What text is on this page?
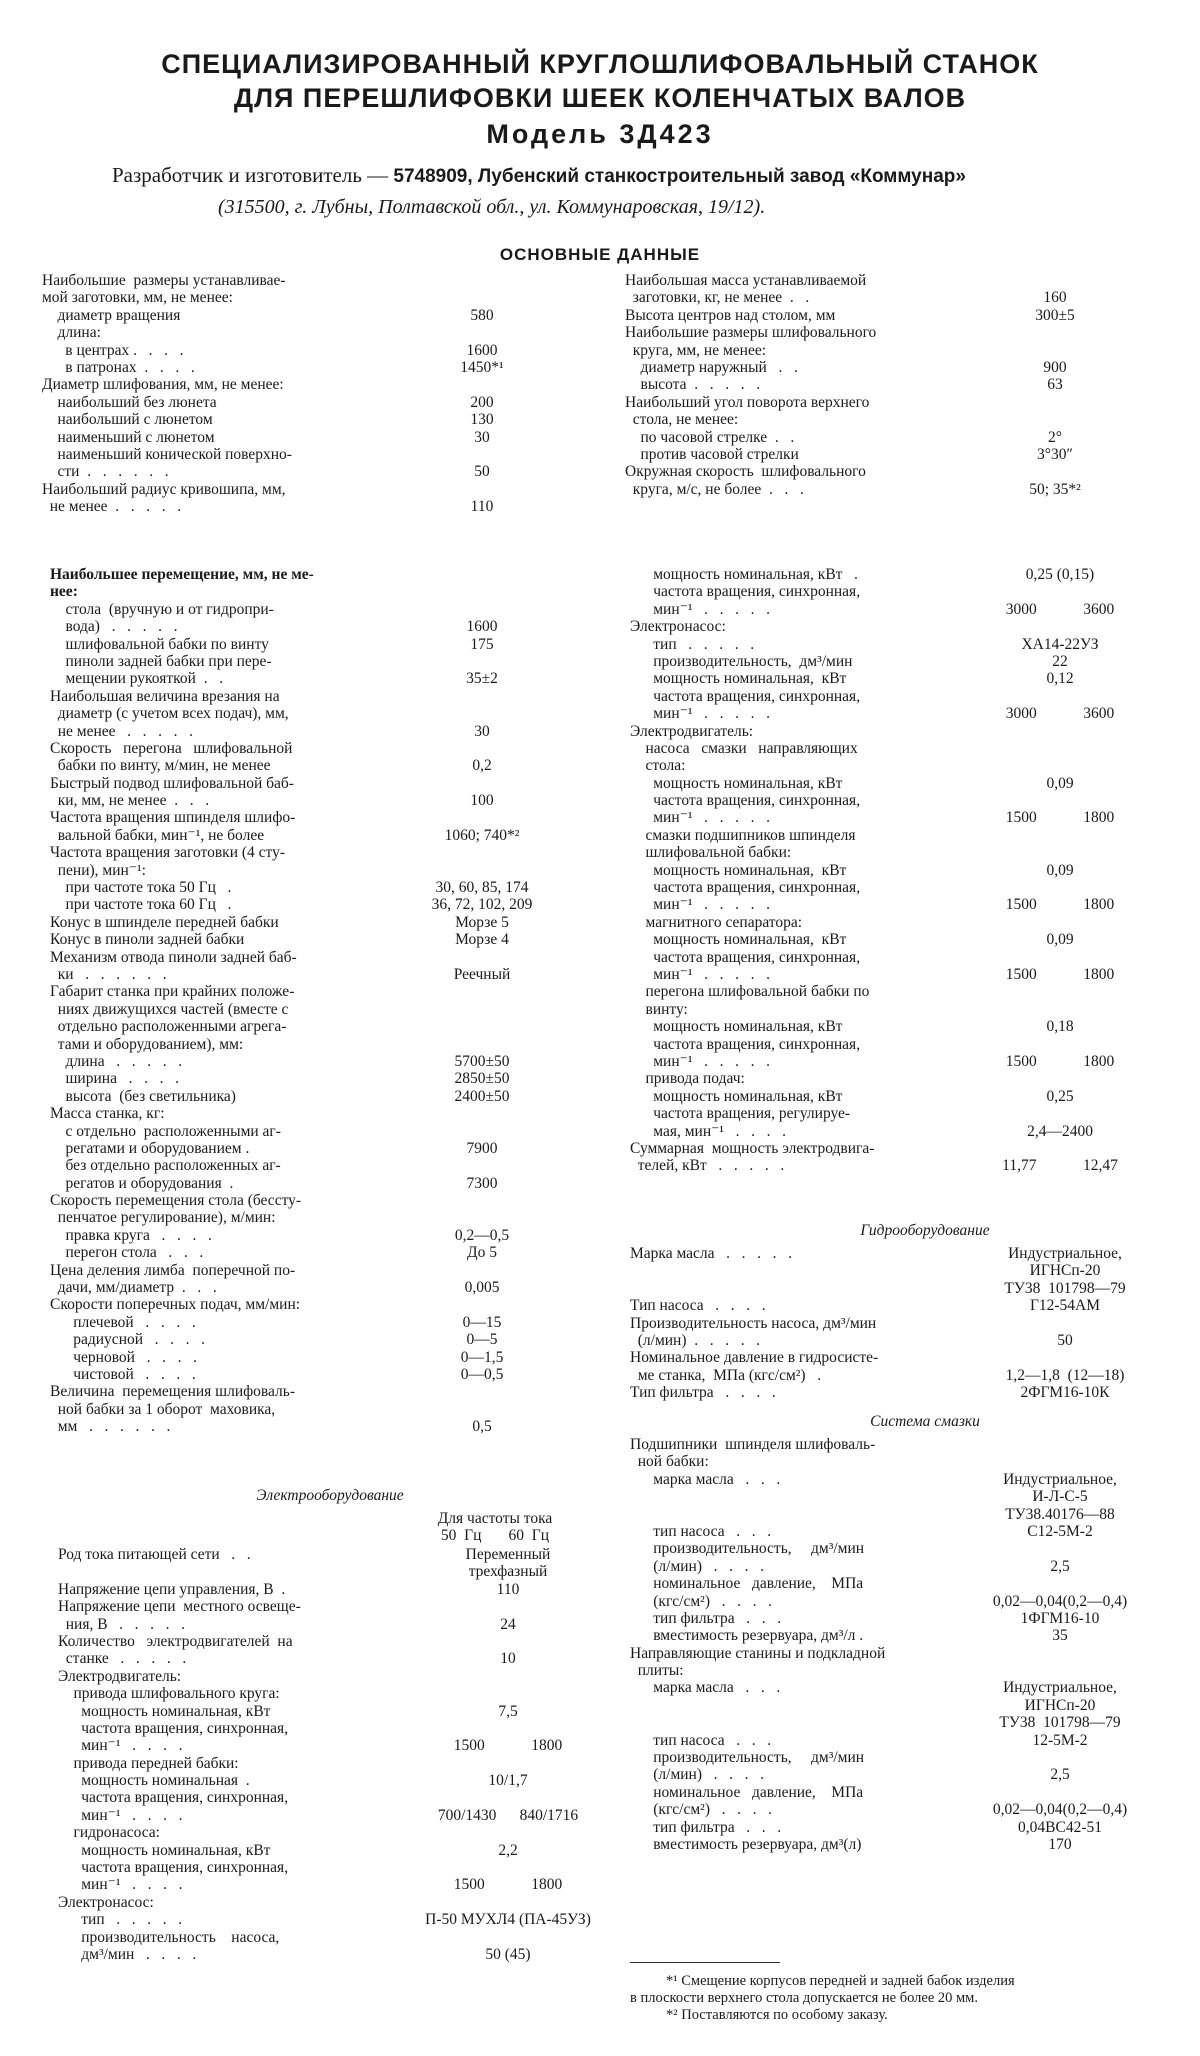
СПЕЦИАЛИЗИРОВАННЫЙ КРУГЛОШЛИФОВАЛЬНЫЙ СТАНОК
ДЛЯ ПЕРЕШЛИФОВКИ ШЕЕК КОЛЕНЧАТЫХ ВАЛОВ
Модель 3Д423
Разработчик и изготовитель — 5748909, Лубенский станкостроительный завод «Коммунар»
(315500, г. Лубны, Полтавской обл., ул. Коммунаровская, 19/12).
ОСНОВНЫЕ ДАННЫЕ
Наибольшие  размеры устанавливае-
мой заготовки, мм, не менее:
диаметр вращения	580
длина:
в центрах .   .   .   .	1600
в патронах  .   .   .   .	1450*¹
Диаметр шлифования, мм, не менее:
наибольший без люнета	200
наибольший с люнетом	130
наименьший с люнетом	30
наименьший конической поверхно-
сти  .   .   .   .   .   .	50
Наибольший радиус кривошипа, мм,
не менее  .   .   .   .   .	110
Наибольшая масса устанавливаемой
заготовки, кг, не менее  .   .	160
Высота центров над столом, мм	300±5
Наибольшие размеры шлифовального
круга, мм, не менее:
диаметр наружный   .   .	900
высота  .   .   .   .   .	63
Наибольший угол поворота верхнего
стола, не менее:
по часовой стрелке  .   .	2°
против часовой стрелки	3°30″
Окружная скорость  шлифовального
круга, м/с, не более  .   .   .	50; 35*²
Наибольшее перемещение, мм, не ме-
нее:
стола  (вручную и от гидропри-
вода)   .   .   .   .   .	1600
шлифовальной бабки по винту	175
пиноли задней бабки при пере-
мещении рукояткой  .   .	35±2
Наибольшая величина врезания на
диаметр (с учетом всех подач), мм,
не менее   .   .   .   .   .	30
Скорость   перегона   шлифовальной
бабки по винту, м/мин, не менее	0,2
Быстрый подвод шлифовальной баб-
ки, мм, не менее  .   .   .	100
Частота вращения шпинделя шлифо-
вальной бабки, мин⁻¹, не более	1060; 740*²
Частота вращения заготовки (4 сту-
пени), мин⁻¹:
при частоте тока 50 Гц   .	30, 60, 85, 174
при частоте тока 60 Гц   .	36, 72, 102, 209
Конус в шпинделе передней бабки	Морзе 5
Конус в пиноли задней бабки	Морзе 4
Механизм отвода пиноли задней баб-
ки   .   .   .   .   .   .	Реечный
Габарит станка при крайних положе-
ниях движущихся частей (вместе с
отдельно расположенными агрега-
тами и оборудованием), мм:
длина   .   .   .   .   .	5700±50
ширина   .   .   .   .	2850±50
высота  (без светильника)	2400±50
Масса станка, кг:
с отдельно  расположенными аг-
регатами и оборудованием .	7900
без отдельно расположенных аг-
регатов и оборудования  .	7300
Скорость перемещения стола (бессту-
пенчатое регулирование), м/мин:
правка круга   .   .   .   .	0,2—0,5
перегон стола   .   .   .	До 5
Цена деления лимба  поперечной по-
дачи, мм/диаметр  .   .   .	0,005
Скорости поперечных подач, мм/мин:
плечевой   .   .   .   .	0—15
радиусной   .   .   .   .	0—5
черновой   .   .   .   .	0—1,5
чистовой   .   .   .   .	0—0,5
Величина  перемещения шлифоваль-
ной бабки за 1 оборот  маховика,
мм   .   .   .   .   .   .	0,5
Электрооборудование
Для частоты тока
50  Гц       60  Гц
Род тока питающей сети   .   .	Переменный
трехфазный
Напряжение цепи управления, В  .	110
Напряжение цепи  местного освеще-
ния, В   .   .   .   .   .	24
Количество   электродвигателей  на
станке   .   .   .   .   .	10
Электродвигатель:
привода шлифовального круга:
мощность номинальная, кВт	7,5
частота вращения, синхронная,
мин⁻¹   .   .   .   .	1500            1800
привода передней бабки:
мощность номинальная  .	10/1,7
частота вращения, синхронная,
мин⁻¹   .   .   .   .	700/1430      840/1716
гидронасоса:
мощность номинальная, кВт	2,2
частота вращения, синхронная,
мин⁻¹   .   .   .   .	1500            1800
Электронасос:
тип   .   .   .   .   .	П-50 МУХЛ4 (ПА-45УЗ)
производительность    насоса,
дм³/мин   .   .   .   .	50 (45)
мощность номинальная, кВт   .	0,25 (0,15)
частота вращения, синхронная,
мин⁻¹   .   .   .   .   .	3000            3600
Электронасос:
тип   .   .   .   .   .	ХА14-22УЗ
производительность,  дм³/мин	22
мощность номинальная,  кВт	0,12
частота вращения, синхронная,
мин⁻¹   .   .   .   .   .	3000            3600
Электродвигатель:
насоса   смазки   направляющих
стола:
мощность номинальная, кВт	0,09
частота вращения, синхронная,
мин⁻¹   .   .   .   .   .	1500            1800
смазки подшипников шпинделя
шлифовальной бабки:
мощность номинальная,  кВт	0,09
частота вращения, синхронная,
мин⁻¹   .   .   .   .   .	1500            1800
магнитного сепаратора:
мощность номинальная,  кВт	0,09
частота вращения, синхронная,
мин⁻¹   .   .   .   .   .	1500            1800
перегона шлифовальной бабки по
винту:
мощность номинальная, кВт	0,18
частота вращения, синхронная,
мин⁻¹   .   .   .   .   .	1500            1800
привода подач:
мощность номинальная, кВт	0,25
частота вращения, регулируе-
мая, мин⁻¹   .   .   .   .	2,4—2400
Суммарная  мощность электродвига-
телей, кВт   .   .   .   .   .	11,77            12,47
Гидрооборудование
Марка масла   .   .   .   .   .	Индустриальное,
ИГНСп-20
ТУ38  101798—79
Тип насоса   .   .   .   .	Г12-54АМ
Производительность насоса, дм³/мин
(л/мин)  .   .   .   .   .	50
Номинальное давление в гидросисте-
ме станка,  МПа (кгс/см²)   .	1,2—1,8  (12—18)
Тип фильтра   .   .   .   .	2ФГМ16-10К
Система смазки
Подшипники  шпинделя шлифоваль-
ной бабки:
марка масла   .   .   .	Индустриальное,
И-Л-С-5
ТУ38.40176—88
тип насоса   .   .   .	С12-5М-2
производительность,     дм³/мин
(л/мин)   .   .   .   .	2,5
номинальное   давление,    МПа
(кгс/см²)   .   .   .   .	0,02—0,04(0,2—0,4)
тип фильтра   .   .   .	1ФГМ16-10
вместимость резервуара, дм³/л .	35
Направляющие станины и подкладной
плиты:
марка масла   .   .   .	Индустриальное,
ИГНСп-20
ТУ38  101798—79
тип насоса   .   .   .	12-5М-2
производительность,     дм³/мин
(л/мин)   .   .   .   .	2,5
номинальное   давление,    МПа
(кгс/см²)   .   .   .   .	0,02—0,04(0,2—0,4)
тип фильтра   .   .   .	0,04ВС42-51
вместимость резервуара, дм³(л)	170
*¹ Смещение корпусов передней и задней бабок изделия
в плоскости верхнего стола допускается не более 20 мм.
*² Поставляются по особому заказу.
